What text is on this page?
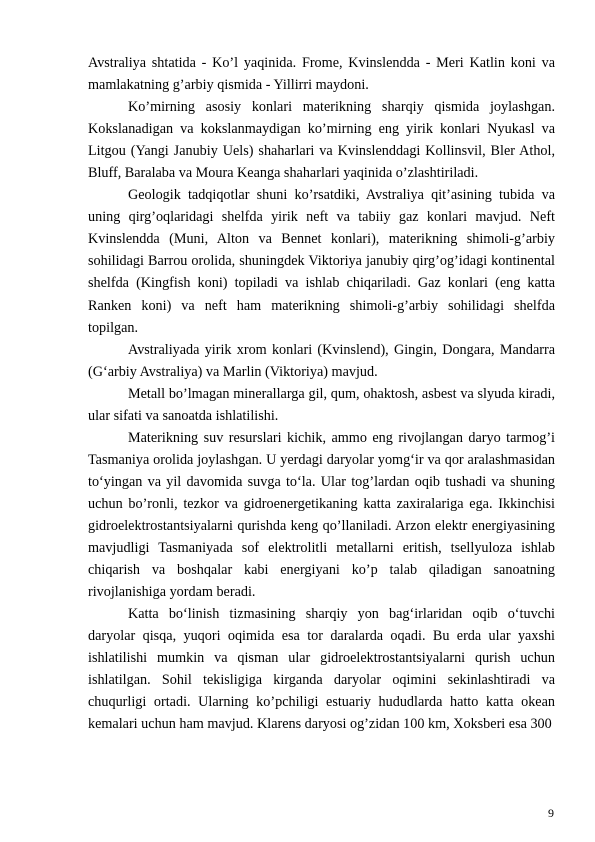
Avstraliya shtatida - Ko’l yaqinida. Frome, Kvinslendda - Meri Katlin koni va mamlakatning g’arbiy qismida - Yillirri maydoni.

Ko’mirning asosiy konlari materikning sharqiy qismida joylashgan. Kokslanadigan va kokslanmaydigan ko’mirning eng yirik konlari Nyukasl va Litgou (Yangi Janubiy Uels) shaharlari va Kvinslenddagi Kollinsvil, Bler Athol, Bluff, Baralaba va Moura Keanga shaharlari yaqinida o’zlashtiriladi.

Geologik tadqiqotlar shuni ko’rsatdiki, Avstraliya qit’asining tubida va uning qirg’oqlaridagi shelfda yirik neft va tabiiy gaz konlari mavjud. Neft Kvinslendda (Muni, Alton va Bennet konlari), materikning shimoli-g’arbiy sohilidagi Barrou orolida, shuningdek Viktoriya janubiy qirg’og’idagi kontinental shelfda (Kingfish koni) topiladi va ishlab chiqariladi. Gaz konlari (eng katta Ranken koni) va neft ham materikning shimoli-g’arbiy sohilidagi shelfda topilgan.

Avstraliyada yirik xrom konlari (Kvinslend), Gingin, Dongara, Mandarra (G‘arbiy Avstraliya) va Marlin (Viktoriya) mavjud.

Metall bo’lmagan minerallarga gil, qum, ohaktosh, asbest va slyuda kiradi, ular sifati va sanoatda ishlatilishi.

Materikning suv resurslari kichik, ammo eng rivojlangan daryo tarmog’i Tasmaniya orolida joylashgan. U yerdagi daryolar yomg‘ir va qor aralashmasidan to‘yingan va yil davomida suvga to‘la. Ular tog’lardan oqib tushadi va shuning uchun bo’ronli, tezkor va gidroenergetikaning katta zaxiralariga ega. Ikkinchisi gidroelektrostantsiyalarni qurishda keng qo’llaniladi. Arzon elektr energiyasining mavjudligi Tasmaniyada sof elektrolitli metallarni eritish, tsellyuloza ishlab chiqarish va boshqalar kabi energiyani ko’p talab qiladigan sanoatning rivojlanishiga yordam beradi.

Katta bo‘linish tizmasining sharqiy yon bag‘irlaridan oqib o‘tuvchi daryolar qisqa, yuqori oqimida esa tor daralarda oqadi. Bu erda ular yaxshi ishlatilishi mumkin va qisman ular gidroelektrostantsiyalarni qurish uchun ishlatilgan. Sohil tekisligiga kirganda daryolar oqimini sekinlashtiradi va chuqurligi ortadi. Ularning ko’pchiligi estuariy hududlarda hatto katta okean kemalari uchun ham mavjud. Klarens daryosi og’zidan 100 km, Xoksberi esa 300

9
